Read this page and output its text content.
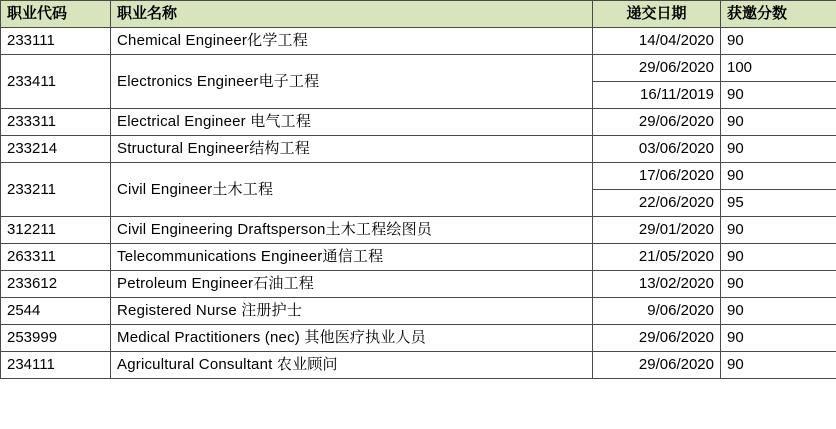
职业代码	职业名称	递交日期	获邀分数
233111	Chemical Engineer化学工程	14/04/2020	90
233411	Electronics Engineer电子工程	29/06/2020	100
		16/11/2019	90
233311	Electrical Engineer 电气工程	29/06/2020	90
233214	Structural Engineer结构工程	03/06/2020	90
233211	Civil Engineer土木工程	17/06/2020	90
		22/06/2020	95
312211	Civil Engineering Draftsperson土木工程绘图员	29/01/2020	90
263311	Telecommunications Engineer通信工程	21/05/2020	90
233612	Petroleum Engineer石油工程	13/02/2020	90
2544	Registered Nurse 注册护士	9/06/2020	90
253999	Medical Practitioners (nec) 其他医疗执业人员	29/06/2020	90
234111	Agricultural Consultant 农业顾问	29/06/2020	90
